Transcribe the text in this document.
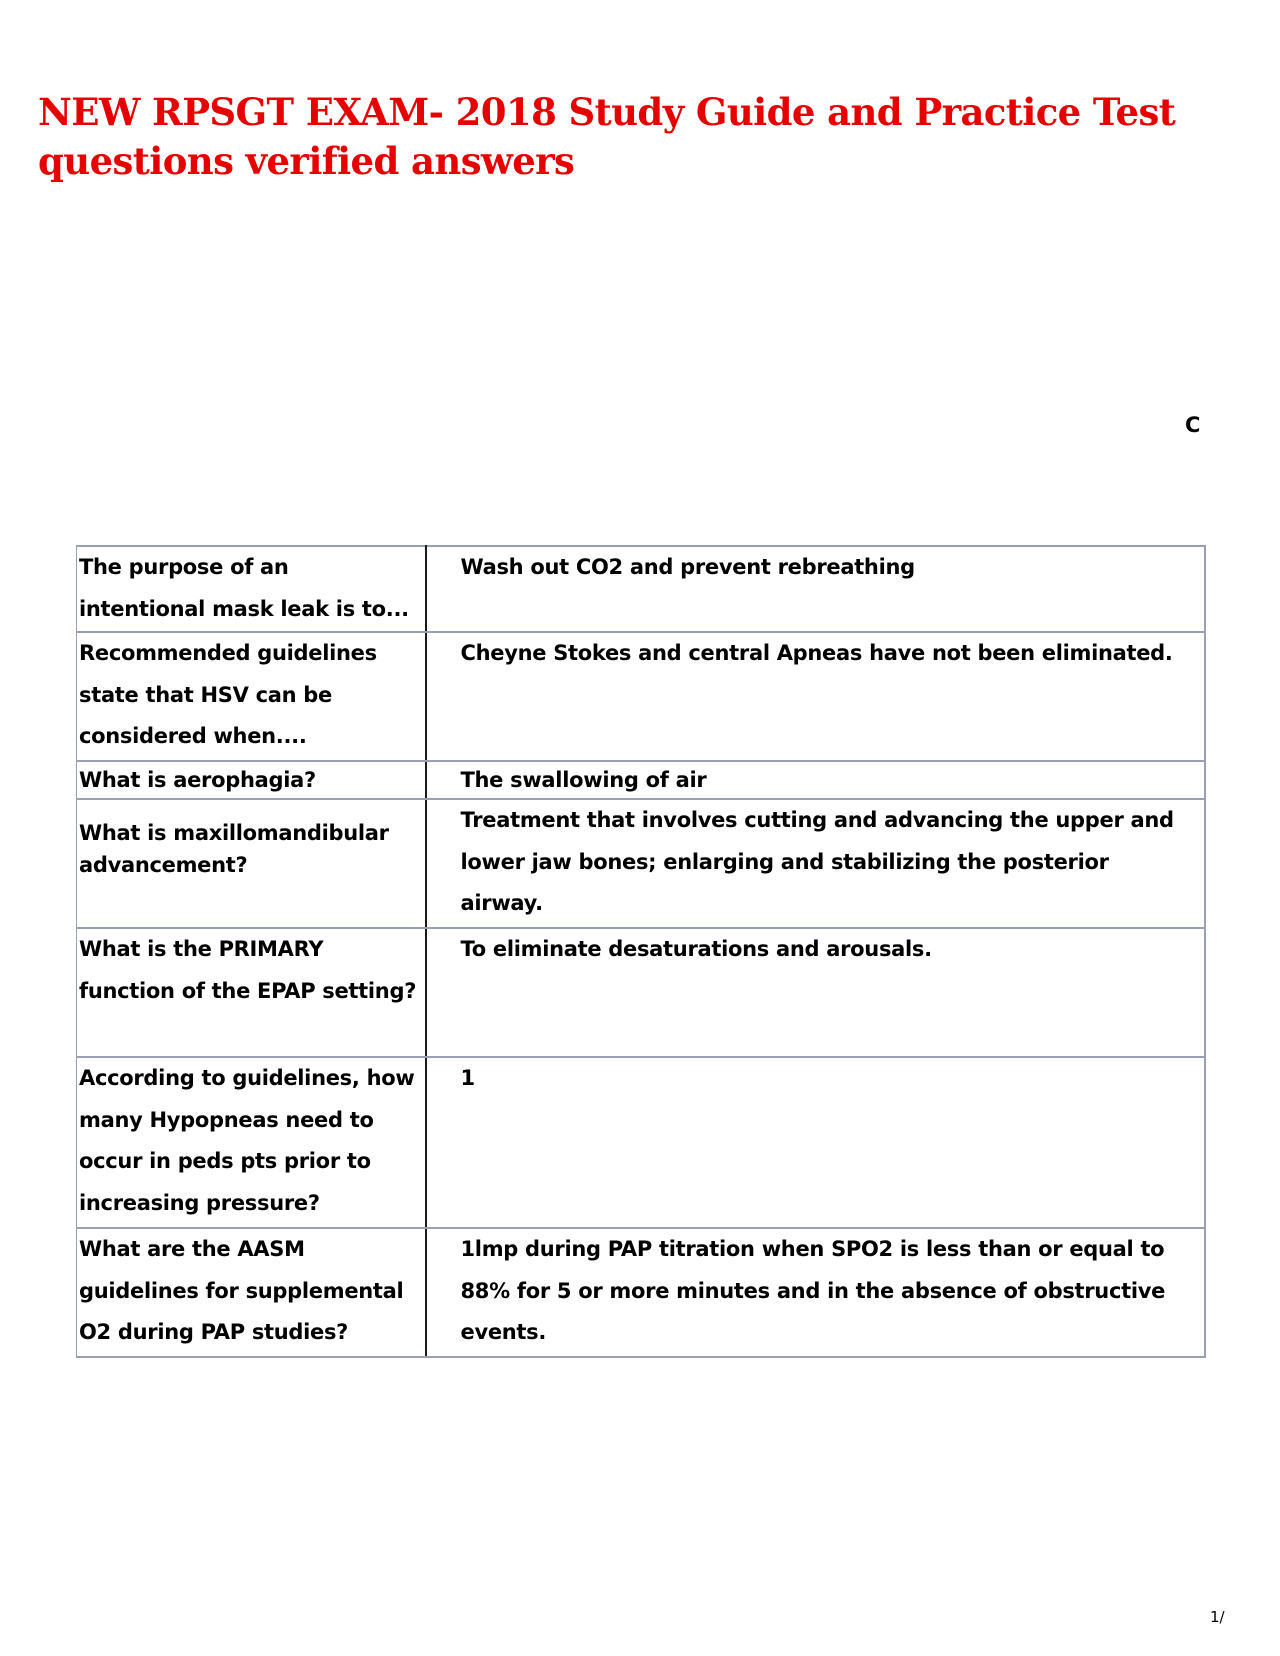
NEW RPSGT EXAM- 2018 Study Guide and Practice Test questions verified answers
C
The purpose of an intentional mask leak is to...	Wash out CO2 and prevent rebreathing
Recommended guidelines state that HSV can be considered when....	Cheyne Stokes and central Apneas have not been eliminated.
What is aerophagia?	The swallowing of air
What is maxillomandibular advancement?	Treatment that involves cutting and advancing the upper and lower jaw bones; enlarging and stabilizing the posterior airway.
What is the PRIMARY function of the EPAP setting?	To eliminate desaturations and arousals.
According to guidelines, how many Hypopneas need to occur in peds pts prior to increasing pressure?	1
What are the AASM guidelines for supplemental O2 during PAP studies?	1lmp during PAP titration when SPO2 is less than or equal to 88% for 5 or more minutes and in the absence of obstructive events.
1/
